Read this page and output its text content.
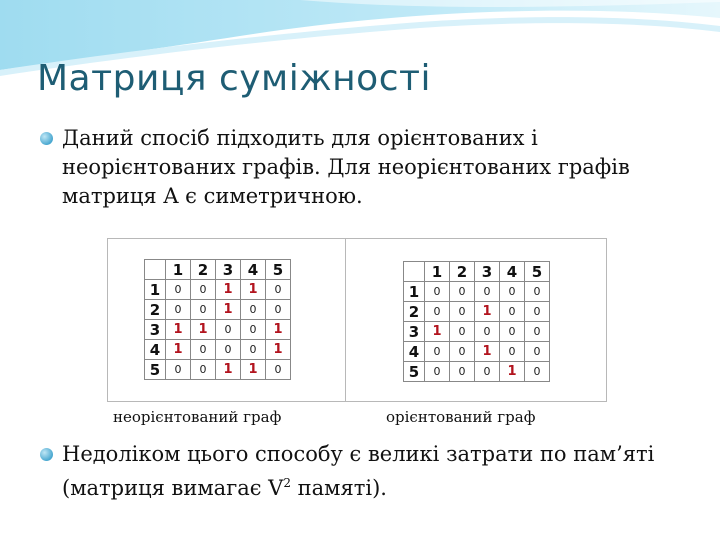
Матриця суміжності
Даний спосіб підходить для орієнтованих і неорієнтованих графів. Для неорієнтованих графів матриця A є симетричною.
	1	2	3	4	5
1	0	0	1	1	0
2	0	0	1	0	0
3	1	1	0	0	1
4	1	0	0	0	1
5	0	0	1	1	0
	1	2	3	4	5
1	0	0	0	0	0
2	0	0	1	0	0
3	1	0	0	0	0
4	0	0	1	0	0
5	0	0	0	1	0
неорієнтований граф	орієнтований граф
Недоліком цього способу є великі затрати по пам’яті (матриця вимагає $V^2$ памяті).
